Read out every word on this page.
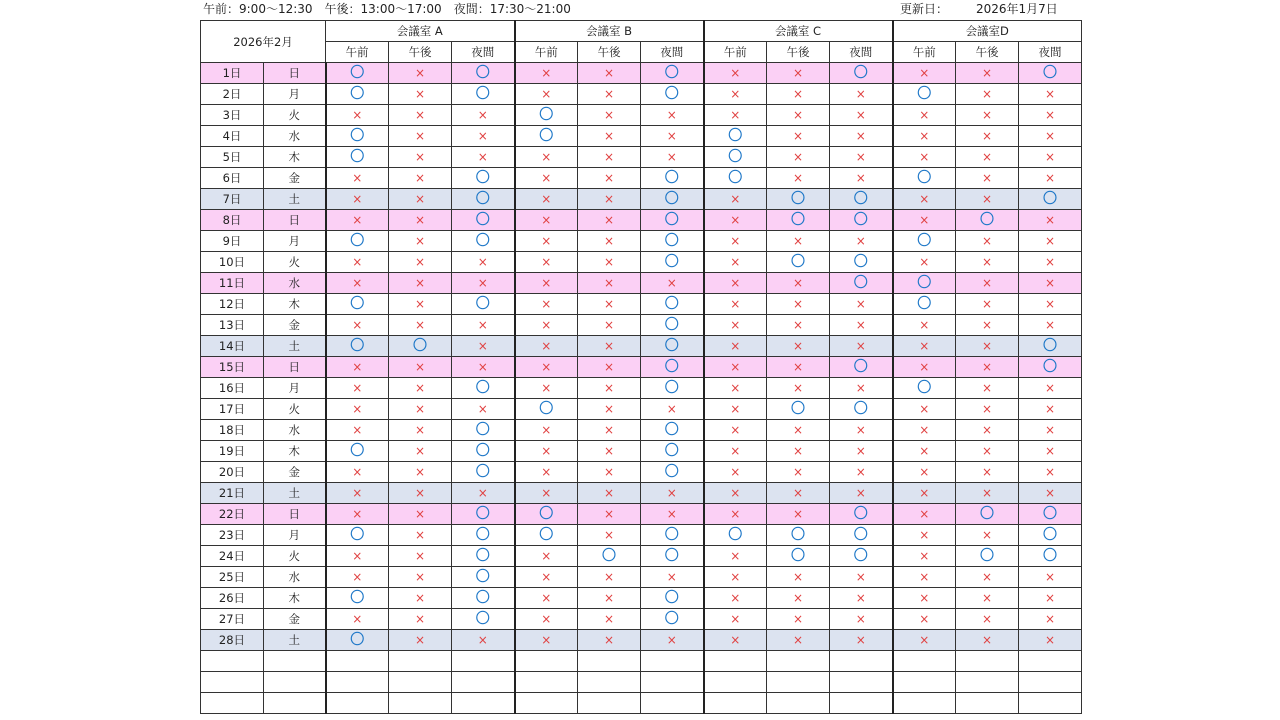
午前：9:00～12:30　午後：13:00～17:00　夜間：17:30～21:00	更新日： 2026年1月7日
2026年2月		会議室 A			会議室 B			会議室 C			会議室D		
		午前	午後	夜間	午前	午後	夜間	午前	午後	夜間	午前	午後	夜間
1日	日	〇	×	〇	×	×	〇	×	×	〇	×	×	〇
2日	月	〇	×	〇	×	×	〇	×	×	×	〇	×	×
3日	火	×	×	×	〇	×	×	×	×	×	×	×	×
4日	水	〇	×	×	〇	×	×	〇	×	×	×	×	×
5日	木	〇	×	×	×	×	×	〇	×	×	×	×	×
6日	金	×	×	〇	×	×	〇	〇	×	×	〇	×	×
7日	土	×	×	〇	×	×	〇	×	〇	〇	×	×	〇
8日	日	×	×	〇	×	×	〇	×	〇	〇	×	〇	×
9日	月	〇	×	〇	×	×	〇	×	×	×	〇	×	×
10日	火	×	×	×	×	×	〇	×	〇	〇	×	×	×
11日	水	×	×	×	×	×	×	×	×	〇	〇	×	×
12日	木	〇	×	〇	×	×	〇	×	×	×	〇	×	×
13日	金	×	×	×	×	×	〇	×	×	×	×	×	×
14日	土	〇	〇	×	×	×	〇	×	×	×	×	×	〇
15日	日	×	×	×	×	×	〇	×	×	〇	×	×	〇
16日	月	×	×	〇	×	×	〇	×	×	×	〇	×	×
17日	火	×	×	×	〇	×	×	×	〇	〇	×	×	×
18日	水	×	×	〇	×	×	〇	×	×	×	×	×	×
19日	木	〇	×	〇	×	×	〇	×	×	×	×	×	×
20日	金	×	×	〇	×	×	〇	×	×	×	×	×	×
21日	土	×	×	×	×	×	×	×	×	×	×	×	×
22日	日	×	×	〇	〇	×	×	×	×	〇	×	〇	〇
23日	月	〇	×	〇	〇	×	〇	〇	〇	〇	×	×	〇
24日	火	×	×	〇	×	〇	〇	×	〇	〇	×	〇	〇
25日	水	×	×	〇	×	×	×	×	×	×	×	×	×
26日	木	〇	×	〇	×	×	〇	×	×	×	×	×	×
27日	金	×	×	〇	×	×	〇	×	×	×	×	×	×
28日	土	〇	×	×	×	×	×	×	×	×	×	×	×
